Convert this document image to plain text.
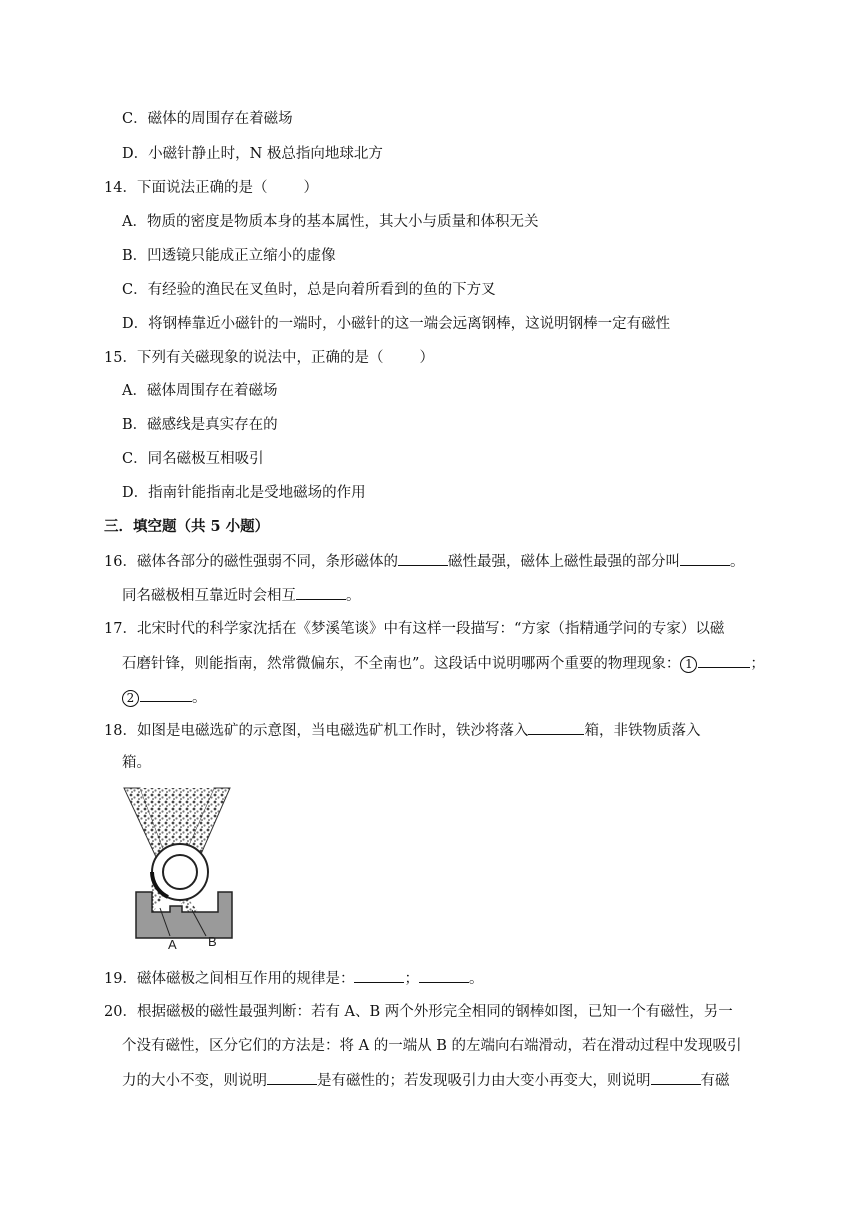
C．磁体的周围存在着磁场
D．小磁针静止时，N 极总指向地球北方
14．下面说法正确的是（ ）
A．物质的密度是物质本身的基本属性，其大小与质量和体积无关
B．凹透镜只能成正立缩小的虚像
C．有经验的渔民在叉鱼时，总是向着所看到的鱼的下方叉
D．将钢棒靠近小磁针的一端时，小磁针的这一端会远离钢棒，这说明钢棒一定有磁性
15．下列有关磁现象的说法中，正确的是（ ）
A．磁体周围存在着磁场
B．磁感线是真实存在的
C．同名磁极互相吸引
D．指南针能指南北是受地磁场的作用
三．填空题（共 5 小题）
16．磁体各部分的磁性强弱不同，条形磁体的	磁性最强，磁体上磁性最强的部分叫	。
同名磁极相互靠近时会相互	。
17．北宋时代的科学家沈括在《梦溪笔谈》中有这样一段描写：“方家（指精通学问的专家）以磁
石磨针锋，则能指南，然常微偏东，不全南也”。这段话中说明哪两个重要的物理现象： 1	；
2	。
18．如图是电磁选矿的示意图，当电磁选矿机工作时，铁沙将落入	箱，非铁物质落入
箱。
A B
19．磁体磁极之间相互作用的规律是：	；	。
20．根据磁极的磁性最强判断：若有 A、B 两个外形完全相同的钢棒如图，已知一个有磁性，另一
个没有磁性，区分它们的方法是：将 A 的一端从 B 的左端向右端滑动，若在滑动过程中发现吸引
力的大小不变，则说明	是有磁性的；若发现吸引力由大变小再变大，则说明	有磁
